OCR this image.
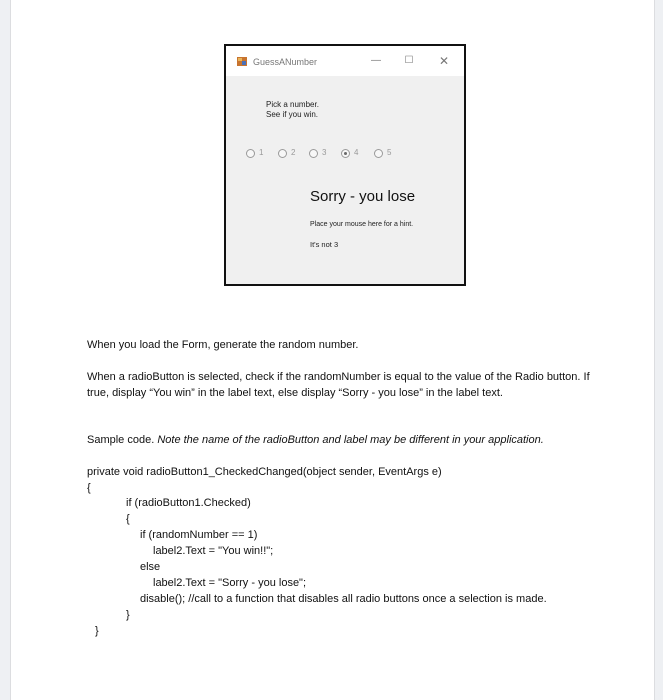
GuessANumber	—	☐	✕
Pick a number.
See if you win.
1	2	3	4	5
Sorry - you lose
Place your mouse here for a hint.
It's not 3
When you load the Form, generate the random number.
When a radioButton is selected, check if the randomNumber is equal to the value of the Radio button. If true, display “You win” in the label text, else display “Sorry - you lose” in the label text.
Sample code. Note the name of the radioButton and label may be different in your application.
private void radioButton1_CheckedChanged(object sender, EventArgs e)
{
if (radioButton1.Checked)
{
if (randomNumber == 1)
label2.Text = "You win!!";
else
label2.Text = "Sorry - you lose";
disable(); //call to a function that disables all radio buttons once a selection is made.
}
}
